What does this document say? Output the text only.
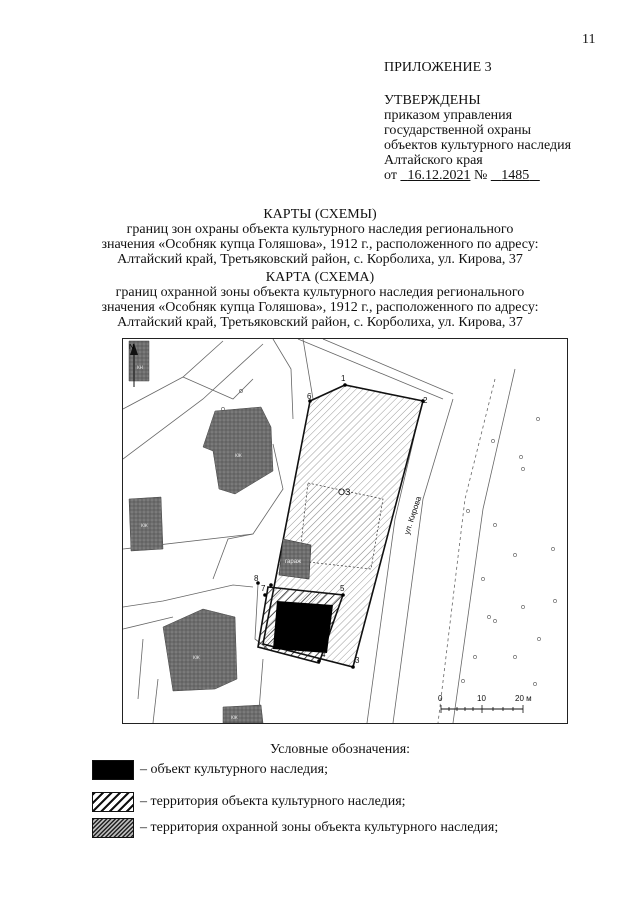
11
ПРИЛОЖЕНИЕ 3
УТВЕРЖДЕНЫ
приказом управления
государственной охраны
объектов культурного наследия
Алтайского края
от 16.12.2021 № 1485
КАРТЫ (СХЕМЫ)
границ зон охраны объекта культурного наследия регионального
значения «Особняк купца Голяшова», 1912 г., расположенного по адресу:
Алтайский край, Третьяковский район, с. Корболиха, ул. Кирова, 37
КАРТА (СХЕМА)
границ охранной зоны объекта культурного наследия регионального
значения «Особняк купца Голяшова», 1912 г., расположенного по адресу:
Алтайский край, Третьяковский район, с. Корболиха, ул. Кирова, 37
1
2
3
4
5
6
7
8
ОЗ
гараж
кж
кж
кж
кж
кн
ул. Кирова
N
0	10	20 м
Условные обозначения:
– объект культурного наследия;
– территория объекта культурного наследия;
– территория охранной зоны объекта культурного наследия;
